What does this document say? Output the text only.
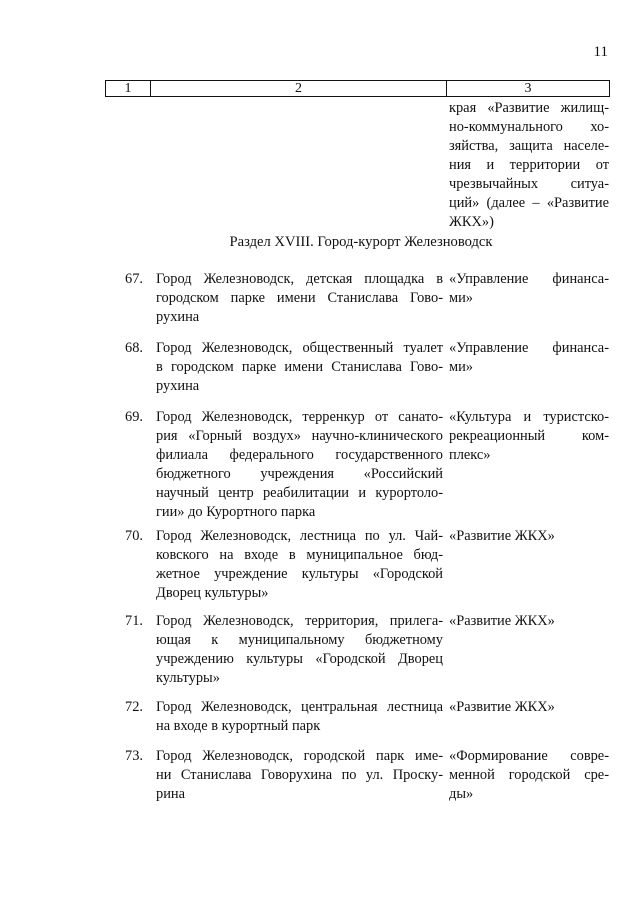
11
1	2	3
края «Развитие жилищ-
но-коммунального хо-
зяйства, защита населе-
ния и территории от
чрезвычайных ситуа-
ций» (далее – «Развитие
ЖКХ»)
Раздел XVIII. Город-курорт Железноводск
67. Город Железноводск, детская площадка в
городском парке имени Станислава Гово-
рухина
«Управление финанса-
ми»
68. Город Железноводск, общественный туалет
в городском парке имени Станислава Гово-
рухина
«Управление финанса-
ми»
69. Город Железноводск, терренкур от санато-
рия «Горный воздух» научно-клинического
филиала федерального государственного
бюджетного учреждения «Российский
научный центр реабилитации и курортоло-
гии» до Курортного парка
«Культура и туристско-
рекреационный ком-
плекс»
70. Город Железноводск, лестница по ул. Чай-
ковского на входе в муниципальное бюд-
жетное учреждение культуры «Городской
Дворец культуры»
«Развитие ЖКХ»
71. Город Железноводск, территория, прилега-
ющая к муниципальному бюджетному
учреждению культуры «Городской Дворец
культуры»
«Развитие ЖКХ»
72. Город Железноводск, центральная лестница
на входе в курортный парк
«Развитие ЖКХ»
73. Город Железноводск, городской парк име-
ни Станислава Говорухина по ул. Проску-
рина
«Формирование совре-
менной городской сре-
ды»
